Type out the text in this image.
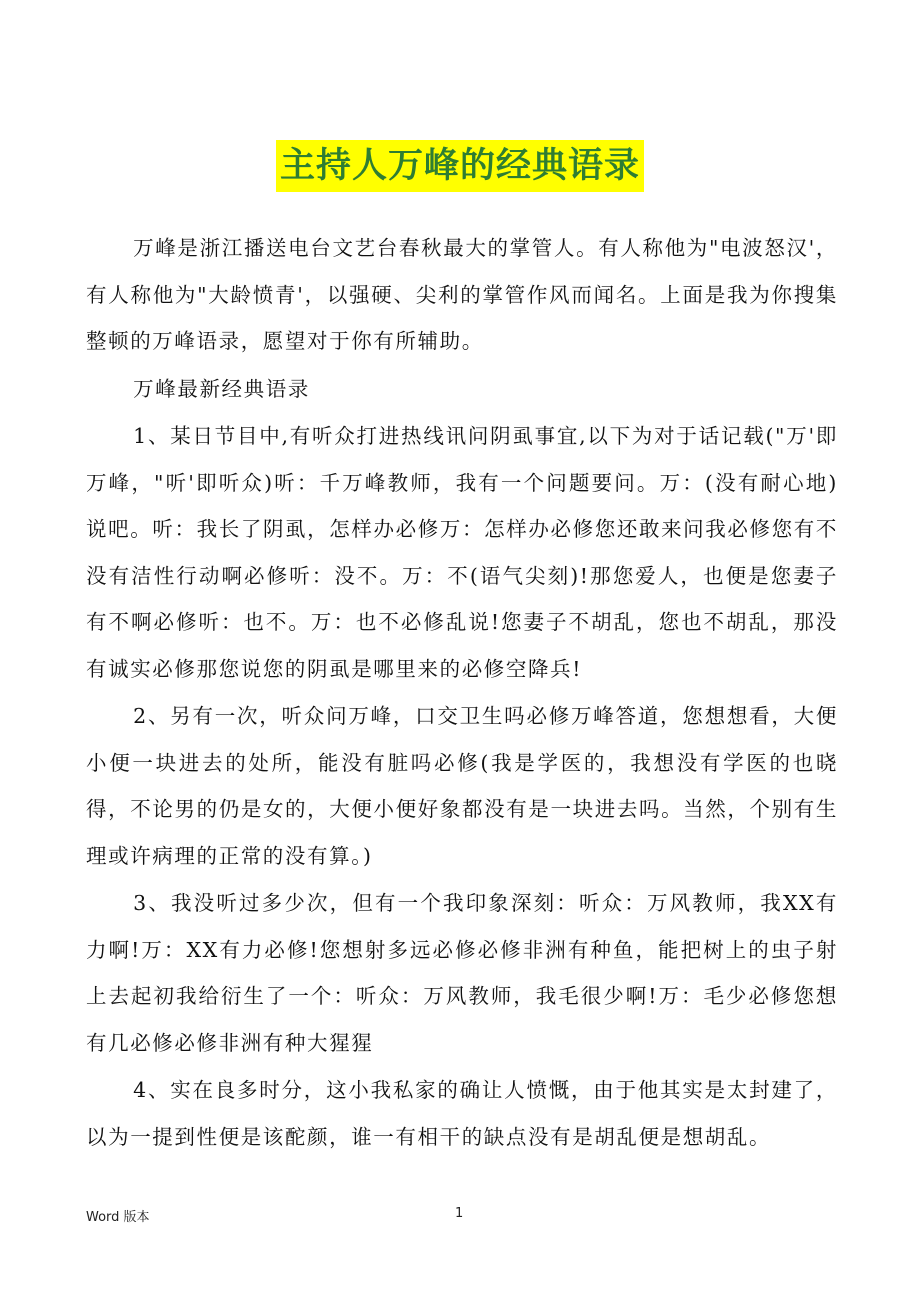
主持人万峰的经典语录

万峰是浙江播送电台文艺台春秋最大的掌管人。有人称他为"电波怒汉'，有人称他为"大龄愤青'，以强硬、尖利的掌管作风而闻名。上面是我为你搜集整顿的万峰语录，愿望对于你有所辅助。

万峰最新经典语录

1、某日节目中,有听众打进热线讯问阴虱事宜,以下为对于话记载("万'即万峰，"听'即听众)听：千万峰教师，我有一个问题要问。万：(没有耐心地)说吧。听：我长了阴虱，怎样办必修万：怎样办必修您还敢来问我必修您有不没有洁性行动啊必修听：没不。万：不(语气尖刻)!那您爱人，也便是您妻子有不啊必修听：也不。万：也不必修乱说!您妻子不胡乱，您也不胡乱，那没有诚实必修那您说您的阴虱是哪里来的必修空降兵!

2、另有一次，听众问万峰，口交卫生吗必修万峰答道，您想想看，大便小便一块进去的处所，能没有脏吗必修(我是学医的，我想没有学医的也晓得，不论男的仍是女的，大便小便好象都没有是一块进去吗。当然，个别有生理或许病理的正常的没有算。)

3、我没听过多少次，但有一个我印象深刻：听众：万风教师，我XX有力啊!万：XX有力必修!您想射多远必修必修非洲有种鱼，能把树上的虫子射上去起初我给衍生了一个：听众：万风教师，我毛很少啊!万：毛少必修您想有几必修必修非洲有种大猩猩

4、实在良多时分，这小我私家的确让人愤慨，由于他其实是太封建了，以为一提到性便是该酡颜，谁一有相干的缺点没有是胡乱便是想胡乱。

Word 版本	1
